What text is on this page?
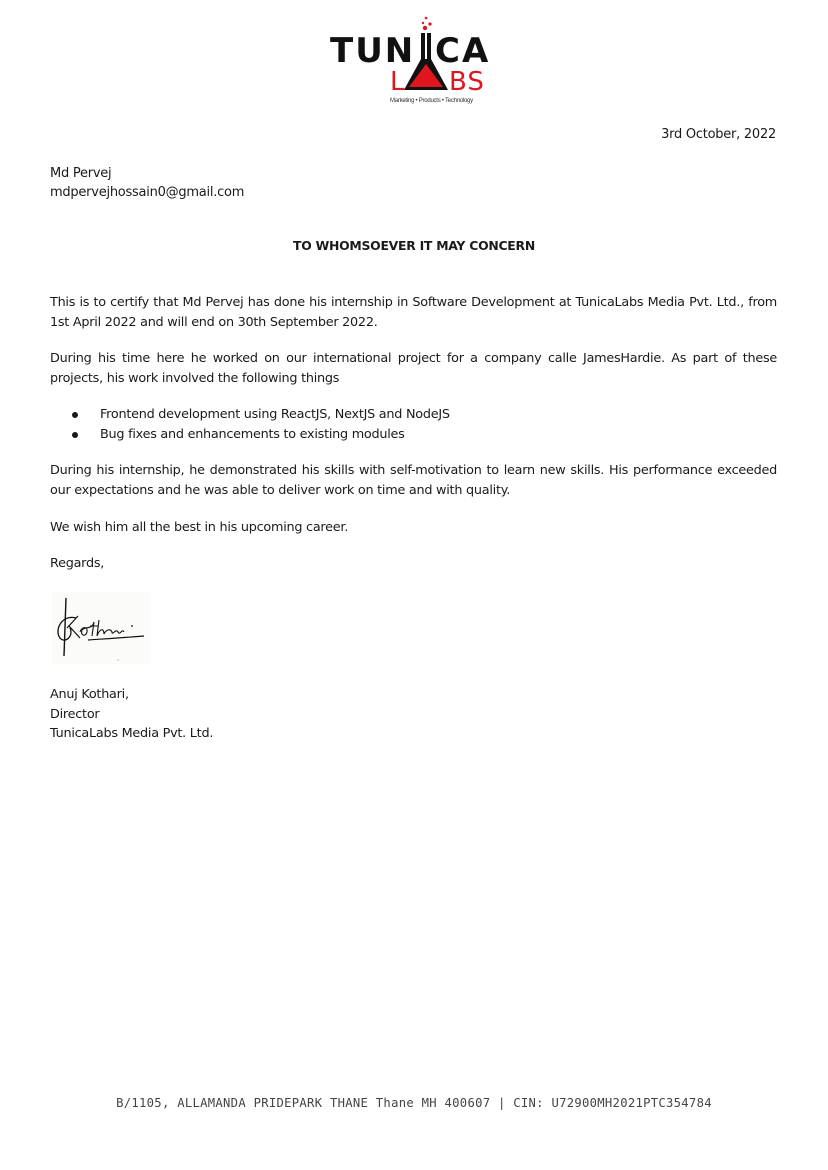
TUN CA
L BS
Marketing • Products • Technology
3rd October, 2022
Md Pervej
mdpervejhossain0@gmail.com
TO WHOMSOEVER IT MAY CONCERN

This is to certify that Md Pervej has done his internship in Software Development at TunicaLabs Media Pvt. Ltd., from 1st April 2022 and will end on 30th September 2022.

During his time here he worked on our international project for a company calle JamesHardie. As part of these projects, his work involved the following things

Frontend development using ReactJS, NextJS and NodeJS
Bug fixes and enhancements to existing modules

During his internship, he demonstrated his skills with self-motivation to learn new skills. His performance exceeded our expectations and he was able to deliver work on time and with quality.

We wish him all the best in his upcoming career.

Regards,
Anuj Kothari,
Director
TunicaLabs Media Pvt. Ltd.
B/1105, ALLAMANDA PRIDEPARK THANE Thane MH 400607 | CIN: U72900MH2021PTC354784
